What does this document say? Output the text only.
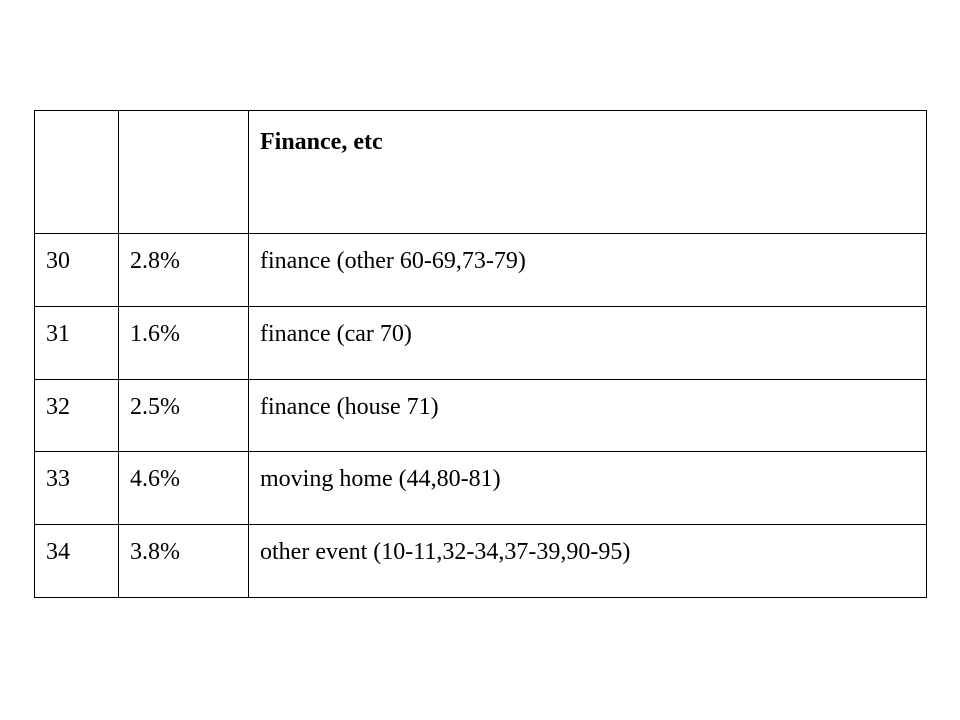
		Finance, etc
30	2.8%	finance (other 60-69,73-79)
31	1.6%	finance (car 70)
32	2.5%	finance (house 71)
33	4.6%	moving home (44,80-81)
34	3.8%	other event (10-11,32-34,37-39,90-95)
